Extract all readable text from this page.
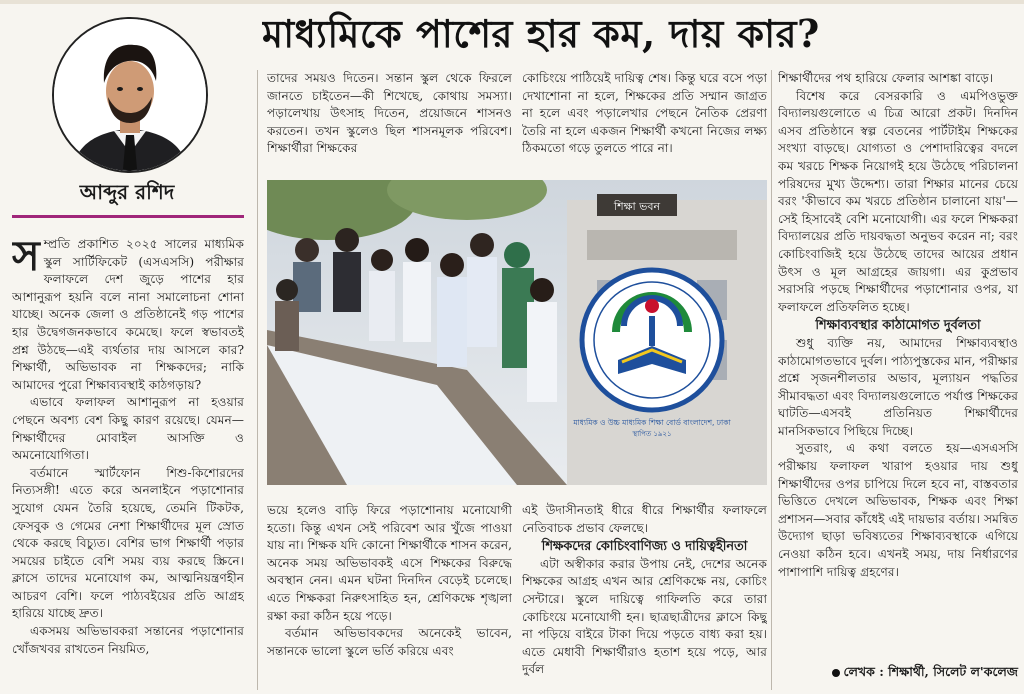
মাধ্যমিকে পাশের হার কম, দায় কার?
আব্দুর রশিদ

সম্প্রতি প্রকাশিত ২০২৫ সালের মাধ্যমিক স্কুল সার্টিফিকেট (এসএসসি) পরীক্ষার ফলাফলে দেশ জুড়ে পাশের হার আশানুরূপ হয়নি বলে নানা সমালোচনা শোনা যাচ্ছে। অনেক জেলা ও প্রতিষ্ঠানেই গড় পাশের হার উদ্বেগজনকভাবে কমেছে। ফলে স্বভাবতই প্রশ্ন উঠছে—এই ব্যর্থতার দায় আসলে কার? শিক্ষার্থী, অভিভাবক না শিক্ষকদের; নাকি আমাদের পুরো শিক্ষাব্যবস্থাই কাঠগড়ায়?

এভাবে ফলাফল আশানুরূপ না হওয়ার পেছনে অবশ্য বেশ কিছু কারণ রয়েছে। যেমন—শিক্ষার্থীদের মোবাইল আসক্তি ও অমনোযোগিতা।

বর্তমানে স্মার্টফোন শিশু-কিশোরদের নিত্যসঙ্গী! এতে করে অনলাইনে পড়াশোনার সুযোগ যেমন তৈরি হয়েছে, তেমনি টিকটক, ফেসবুক ও গেমের নেশা শিক্ষার্থীদের মূল স্রোত থেকে করছে বিচ্যুত। বেশির ভাগ শিক্ষার্থী পড়ার সময়ের চাইতে বেশি সময় ব্যয় করছে স্ক্রিনে। ক্লাসে তাদের মনোযোগ কম, আত্মনিয়ন্ত্রণহীন আচরণ বেশি। ফলে পাঠ্যবইয়ের প্রতি আগ্রহ হারিয়ে যাচ্ছে দ্রুত।

একসময় অভিভাবকরা সন্তানের পড়াশোনার খোঁজখবর রাখতেন নিয়মিত,

তাদের সময়ও দিতেন। সন্তান স্কুল থেকে ফিরলে জানতে চাইতেন—কী শিখেছে, কোথায় সমস্যা। পড়ালেখায় উৎসাহ দিতেন, প্রয়োজনে শাসনও করতেন। তখন স্কুলেও ছিল শাসনমূলক পরিবেশ। শিক্ষার্থীরা শিক্ষকের

কোচিংয়ে পাঠিয়েই দায়িত্ব শেষ। কিন্তু ঘরে বসে পড়া দেখাশোনা না হলে, শিক্ষকের প্রতি সম্মান জাগ্রত না হলে এবং পড়ালেখার পেছনে নৈতিক প্রেরণা তৈরি না হলে একজন শিক্ষার্থী কখনো নিজের লক্ষ্য ঠিকমতো গড়ে তুলতে পারে না।

শিক্ষা ভবন
মাধ্যমিক ও উচ্চ মাধ্যমিক শিক্ষা বোর্ড বাংলাদেশ, ঢাকা
স্থাপিত ১৯২১

ভয়ে হলেও বাড়ি ফিরে পড়াশোনায় মনোযোগী হতো। কিন্তু এখন সেই পরিবেশ আর খুঁজে পাওয়া যায় না। শিক্ষক যদি কোনো শিক্ষার্থীকে শাসন করেন, অনেক সময় অভিভাবকই এসে শিক্ষকের বিরুদ্ধে অবস্থান নেন। এমন ঘটনা দিনদিন বেড়েই চলেছে। এতে শিক্ষকরা নিরুৎসাহিত হন, শ্রেণিকক্ষে শৃঙ্খলা রক্ষা করা কঠিন হয়ে পড়ে।

বর্তমান অভিভাবকদের অনেকেই ভাবেন, সন্তানকে ভালো স্কুলে ভর্তি করিয়ে এবং

এই উদাসীনতাই ধীরে ধীরে শিক্ষার্থীর ফলাফলে নেতিবাচক প্রভাব ফেলছে।

শিক্ষকদের কোচিংবাণিজ্য ও দায়িত্বহীনতা

এটা অস্বীকার করার উপায় নেই, দেশের অনেক শিক্ষকের আগ্রহ এখন আর শ্রেণিকক্ষে নয়, কোচিং সেন্টারে। স্কুলে দায়িত্বে গাফিলতি করে তারা কোচিংয়ে মনোযোগী হন। ছাত্রছাত্রীদের ক্লাসে কিছু না পড়িয়ে বাইরে টাকা দিয়ে পড়তে বাধ্য করা হয়। এতে মেধাবী শিক্ষার্থীরাও হতাশ হয়ে পড়ে, আর দুর্বল

শিক্ষার্থীদের পথ হারিয়ে ফেলার আশঙ্কা বাড়ে।

বিশেষ করে বেসরকারি ও এমপিওভুক্ত বিদ্যালয়গুলোতে এ চিত্র আরো প্রকট। দিনদিন এসব প্রতিষ্ঠানে স্বল্প বেতনের পার্টটাইম শিক্ষকের সংখ্যা বাড়ছে। যোগ্যতা ও পেশাদারিত্বের বদলে কম খরচে শিক্ষক নিয়োগই হয়ে উঠেছে পরিচালনা পরিষদের মুখ্য উদ্দেশ্য। তারা শিক্ষার মানের চেয়ে বরং 'কীভাবে কম খরচে প্রতিষ্ঠান চালানো যায়'—সেই হিসাবেই বেশি মনোযোগী। এর ফলে শিক্ষকরা বিদ্যালয়ের প্রতি দায়বদ্ধতা অনুভব করেন না; বরং কোচিংবাজিই হয়ে উঠেছে তাদের আয়ের প্রধান উৎস ও মূল আগ্রহের জায়গা। এর কুপ্রভাব সরাসরি পড়ছে শিক্ষার্থীদের পড়াশোনার ওপর, যা ফলাফলে প্রতিফলিত হচ্ছে।

শিক্ষাব্যবস্থার কাঠামোগত দুর্বলতা

শুধু ব্যক্তি নয়, আমাদের শিক্ষাব্যবস্থাও কাঠামোগতভাবে দুর্বল। পাঠ্যপুস্তকের মান, পরীক্ষার প্রশ্নে সৃজনশীলতার অভাব, মূল্যায়ন পদ্ধতির সীমাবদ্ধতা এবং বিদ্যালয়গুলোতে পর্যাপ্ত শিক্ষকের ঘাটতি—এসবই প্রতিনিয়ত শিক্ষার্থীদের মানসিকভাবে পিছিয়ে দিচ্ছে।

সুতরাং, এ কথা বলতে হয়—এসএসসি পরীক্ষায় ফলাফল খারাপ হওয়ার দায় শুধু শিক্ষার্থীদের ওপর চাপিয়ে দিলে হবে না, বাস্তবতার ভিত্তিতে দেখলে অভিভাবক, শিক্ষক এবং শিক্ষা প্রশাসন—সবার কাঁধেই এই দায়ভার বর্তায়। সমন্বিত উদ্যোগ ছাড়া ভবিষ্যতের শিক্ষাব্যবস্থাকে এগিয়ে নেওয়া কঠিন হবে। এখনই সময়, দায় নির্ধারণের পাশাপাশি দায়িত্ব গ্রহণের।

লেখক : শিক্ষার্থী, সিলেট ল'কলেজ
